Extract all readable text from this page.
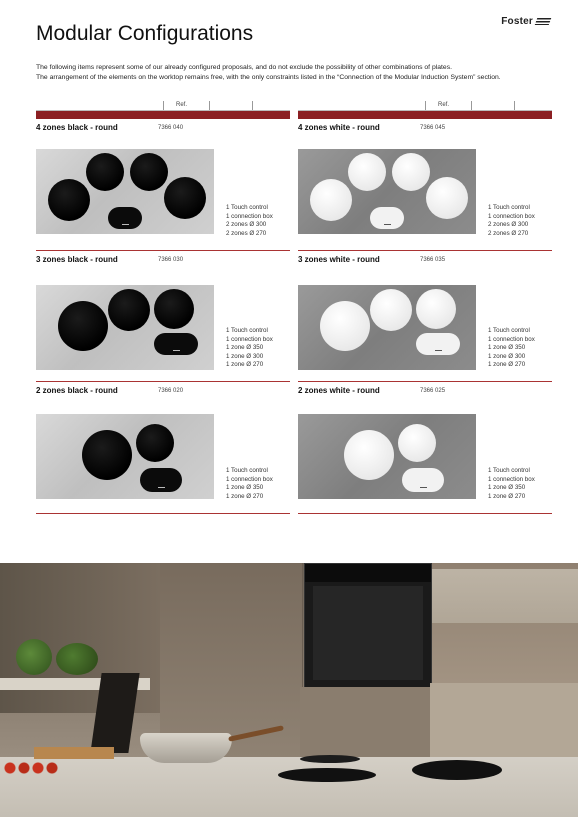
Foster
Modular Configurations

The following items represent some of our already configured proposals, and do not exclude the possibility of other combinations of plates.

The arrangement of the elements on the worktop remains free, with the only constraints listed in the “Connection of the Modular Induction System” section.

Ref.
4 zones black - round	7366 040
1 Touch control
1 connection box
2 zones Ø 300
2 zones Ø 270
3 zones black - round	7366 030
1 Touch control
1 connection box
1 zone Ø 350
1 zone Ø 300
1 zone Ø 270
2 zones black - round	7366 020
1 Touch control
1 connection box
1 zone Ø 350
1 zone Ø 270
Ref.
4 zones white - round	7366 045
1 Touch control
1 connection box
2 zones Ø 300
2 zones Ø 270
3 zones white - round	7366 035
1 Touch control
1 connection box
1 zone Ø 350
1 zone Ø 300
1 zone Ø 270
2 zones white - round	7366 025
1 Touch control
1 connection box
1 zone Ø 350
1 zone Ø 270
